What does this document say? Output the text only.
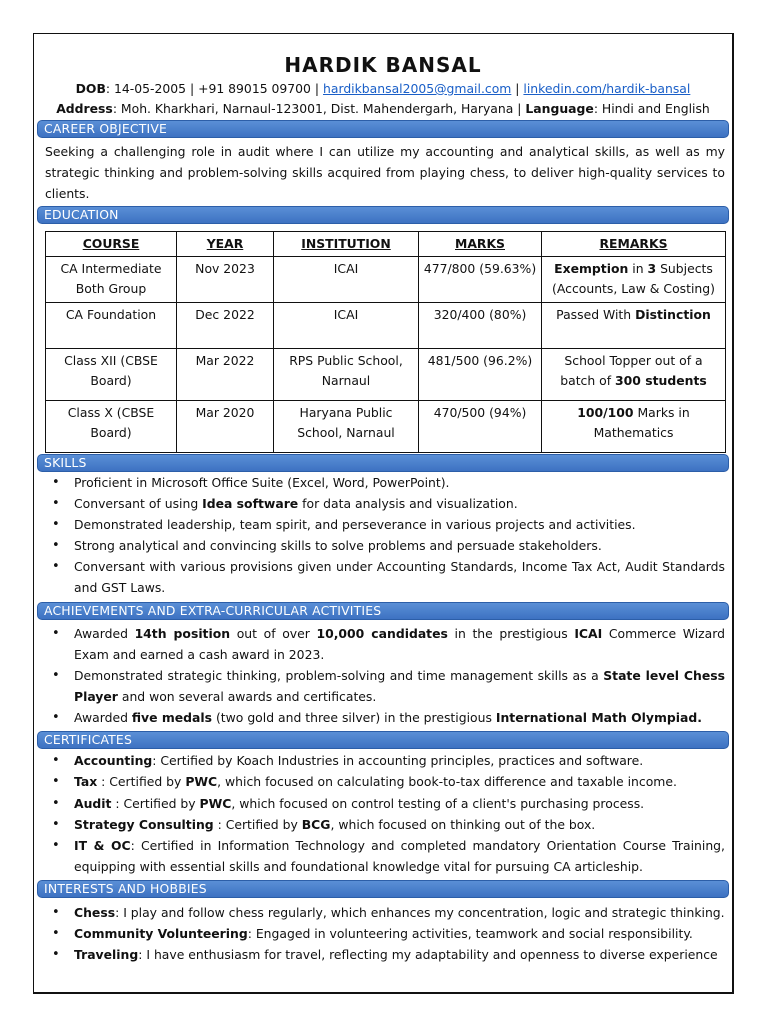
HARDIK BANSAL
DOB: 14-05-2005 | +91 89015 09700 | hardikbansal2005@gmail.com | linkedin.com/hardik-bansal
Address: Moh. Kharkhari, Narnaul-123001, Dist. Mahendergarh, Haryana | Language: Hindi and English
CAREER OBJECTIVE
Seeking a challenging role in audit where I can utilize my accounting and analytical skills, as well as my strategic thinking and problem-solving skills acquired from playing chess, to deliver high-quality services to clients.
EDUCATION
COURSE	YEAR	INSTITUTION	MARKS	REMARKS
CA Intermediate Both Group	Nov 2023	ICAI	477/800 (59.63%)	Exemption in 3 Subjects (Accounts, Law & Costing)
CA Foundation	Dec 2022	ICAI	320/400 (80%)	Passed With Distinction
Class XII (CBSE Board)	Mar 2022	RPS Public School, Narnaul	481/500 (96.2%)	School Topper out of a batch of 300 students
Class X (CBSE Board)	Mar 2020	Haryana Public School, Narnaul	470/500 (94%)	100/100 Marks in Mathematics
SKILLS
• Proficient in Microsoft Office Suite (Excel, Word, PowerPoint).
• Conversant of using Idea software for data analysis and visualization.
• Demonstrated leadership, team spirit, and perseverance in various projects and activities.
• Strong analytical and convincing skills to solve problems and persuade stakeholders.
• Conversant with various provisions given under Accounting Standards, Income Tax Act, Audit Standards and GST Laws.
ACHIEVEMENTS AND EXTRA-CURRICULAR ACTIVITIES
• Awarded 14th position out of over 10,000 candidates in the prestigious ICAI Commerce Wizard Exam and earned a cash award in 2023.
• Demonstrated strategic thinking, problem-solving and time management skills as a State level Chess Player and won several awards and certificates.
• Awarded five medals (two gold and three silver) in the prestigious International Math Olympiad.
CERTIFICATES
• Accounting: Certified by Koach Industries in accounting principles, practices and software.
• Tax : Certified by PWC, which focused on calculating book-to-tax difference and taxable income.
• Audit : Certified by PWC, which focused on control testing of a client's purchasing process.
• Strategy Consulting : Certified by BCG, which focused on thinking out of the box.
• IT & OC: Certified in Information Technology and completed mandatory Orientation Course Training, equipping with essential skills and foundational knowledge vital for pursuing CA articleship.
INTERESTS AND HOBBIES
• Chess: I play and follow chess regularly, which enhances my concentration, logic and strategic thinking.
• Community Volunteering: Engaged in volunteering activities, teamwork and social responsibility.
• Traveling: I have enthusiasm for travel, reflecting my adaptability and openness to diverse experience
